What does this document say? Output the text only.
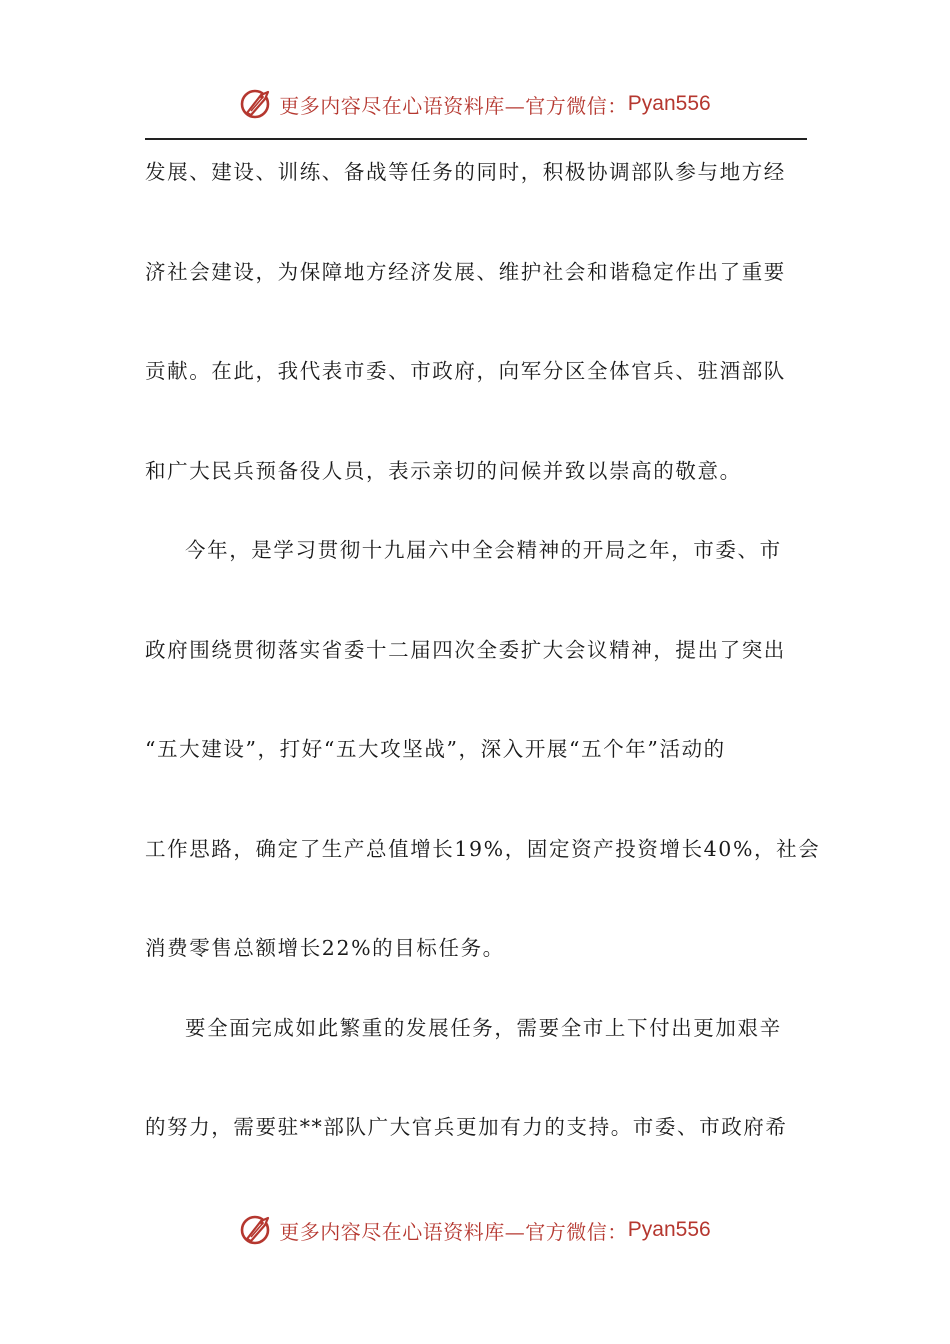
更多内容尽在心语资料库—官方微信： Pyan556
发展、建设、训练、备战等任务的同时，积极协调部队参与地方经
济社会建设，为保障地方经济发展、维护社会和谐稳定作出了重要
贡献。在此，我代表市委、市政府，向军分区全体官兵、驻酒部队
和广大民兵预备役人员，表示亲切的问候并致以崇高的敬意。
今年，是学习贯彻十九届六中全会精神的开局之年，市委、市
政府围绕贯彻落实省委十二届四次全委扩大会议精神，提出了突出
“五大建设”，打好“五大攻坚战”，深入开展“五个年”活动的
工作思路，确定了生产总值增长19%，固定资产投资增长40%，社会
消费零售总额增长22%的目标任务。
要全面完成如此繁重的发展任务，需要全市上下付出更加艰辛
的努力，需要驻**部队广大官兵更加有力的支持。市委、市政府希
更多内容尽在心语资料库—官方微信： Pyan556
